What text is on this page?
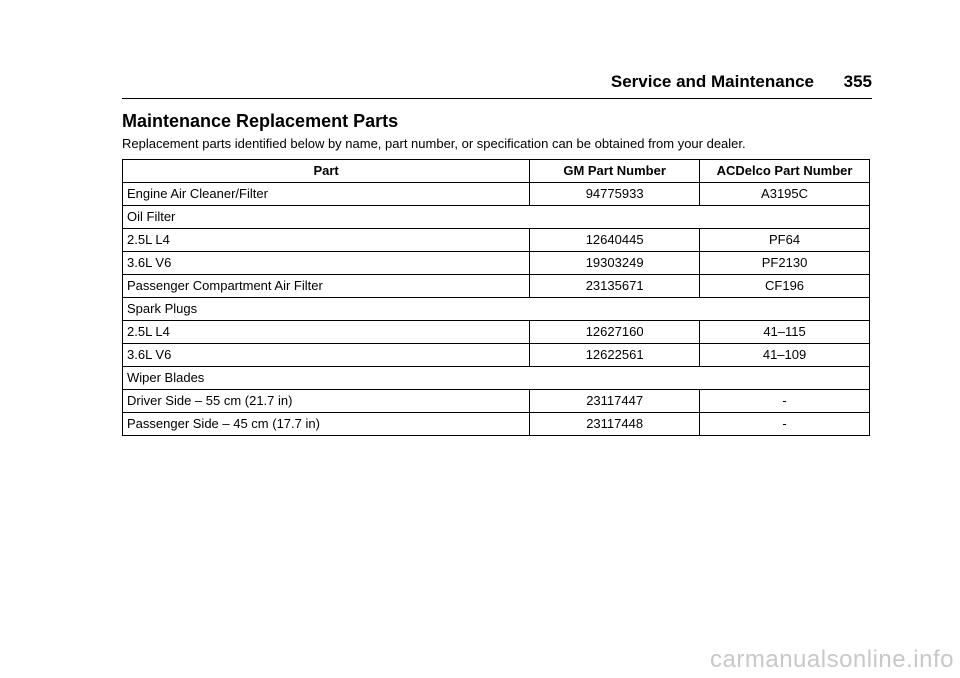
Service and Maintenance 355
Maintenance Replacement Parts

Replacement parts identified below by name, part number, or specification can be obtained from your dealer.

Part	GM Part Number	ACDelco Part Number
Engine Air Cleaner/Filter	94775933	A3195C
Oil Filter		
2.5L L4	12640445	PF64
3.6L V6	19303249	PF2130
Passenger Compartment Air Filter	23135671	CF196
Spark Plugs		
2.5L L4	12627160	41–115
3.6L V6	12622561	41–109
Wiper Blades		
Driver Side – 55 cm (21.7 in)	23117447	-
Passenger Side – 45 cm (17.7 in)	23117448	-
carmanualsonline.info
